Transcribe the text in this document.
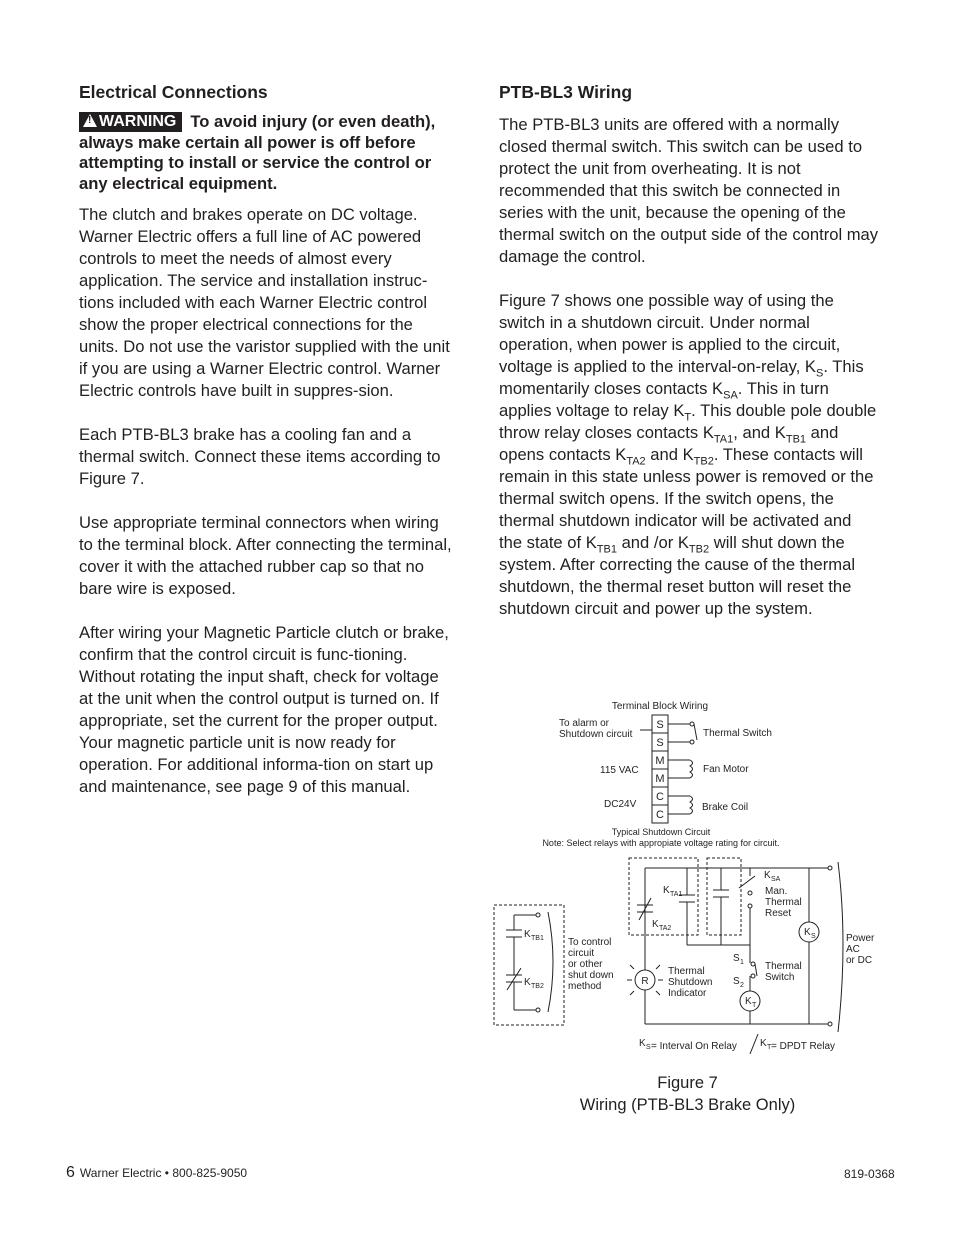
Electrical Connections

! WARNING To avoid injury (or even death), always make certain all power is off before attempting to install or service the control or any electrical equipment.

The clutch and brakes operate on DC voltage. Warner Electric offers a full line of AC powered controls to meet the needs of almost every application. The service and installation instruc-tions included with each Warner Electric control show the proper electrical connections for the units. Do not use the varistor supplied with the unit if you are using a Warner Electric control. Warner Electric controls have built in suppres-sion.

Each PTB-BL3 brake has a cooling fan and a thermal switch. Connect these items according to Figure 7.

Use appropriate terminal connectors when wiring to the terminal block. After connecting the terminal, cover it with the attached rubber cap so that no bare wire is exposed.

After wiring your Magnetic Particle clutch or brake, confirm that the control circuit is func-tioning. Without rotating the input shaft, check for voltage at the unit when the control output is turned on. If appropriate, set the current for the proper output. Your magnetic particle unit is now ready for operation. For additional informa-tion on start up and maintenance, see page 9 of this manual.

PTB-BL3 Wiring

The PTB-BL3 units are offered with a normally closed thermal switch. This switch can be used to protect the unit from overheating. It is not recommended that this switch be connected in series with the unit, because the opening of the thermal switch on the output side of the control may damage the control.

Figure 7 shows one possible way of using the switch in a shutdown circuit. Under normal operation, when power is applied to the circuit, voltage is applied to the interval-on-relay, $K_S$. This momentarily closes contacts $K_{SA}$. This in turn applies voltage to relay $K_T$. This double pole double throw relay closes contacts $K_{TA1}$, and $K_{TB1}$ and opens contacts $K_{TA2}$ and $K_{TB2}$. These contacts will remain in this state unless power is removed or the thermal switch opens. If the switch opens, the thermal shutdown indicator will be activated and the state of $K_{TB1}$ and /or $K_{TB2}$ will shut down the system. After correcting the cause of the thermal shutdown, the thermal reset button will reset the shutdown circuit and power up the system.

Terminal Block Wiring
To alarm or
Shutdown circuit
115 VAC
DC24V
S
S
M
M
C
C
Thermal Switch
Fan Motor
Brake Coil
Typical Shutdown Circuit
Note: Select relays with appropiate voltage rating for circuit.
R
K T
K S
K SA
Man.
Thermal
Reset
K TA1
K TA2
K TB1
K TB2
To control
circuit
or other
shut down
method
Thermal
Shutdown
Indicator
S 1
S 2
Thermal
Switch
Power
AC
or DC
K S = Interval On Relay K T = DPDT Relay
Figure 7
Wiring (PTB-BL3 Brake Only)
6 Warner Electric • 800-825-9050	819-0368
